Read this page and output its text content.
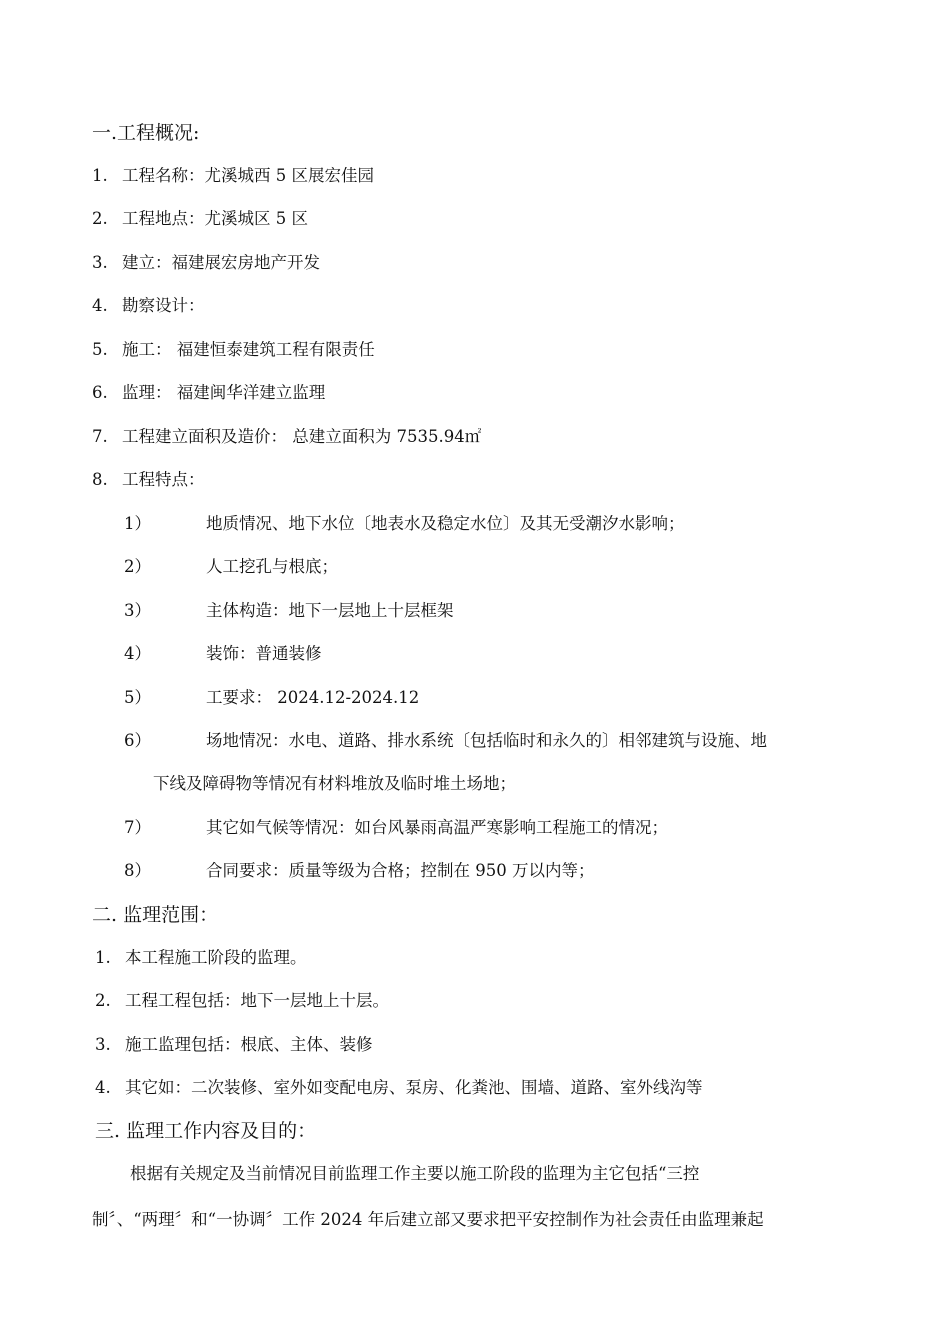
一.工程概况:
1. 工程名称：尤溪城西 5 区展宏佳园
2. 工程地点：尤溪城区 5 区
3. 建立：福建展宏房地产开发
4. 勘察设计：
5. 施工： 福建恒泰建筑工程有限责任
6. 监理： 福建闽华洋建立监理
7. 工程建立面积及造价： 总建立面积为 7535.94㎡
8. 工程特点：
1）	地质情况、地下水位〔地表水及稳定水位〕及其无受潮汐水影响；
2）	人工挖孔与根底；
3）	主体构造：地下一层地上十层框架
4）	装饰：普通装修
5）	工要求： 2024.12-2024.12
6）	场地情况：水电、道路、排水系统〔包括临时和永久的〕相邻建筑与设施、地
下线及障碍物等情况有材料堆放及临时堆土场地；
7）	其它如气候等情况：如台风暴雨高温严寒影响工程施工的情况；
8）	合同要求：质量等级为合格；控制在 950 万以内等；
二. 监理范围：
1. 本工程施工阶段的监理。
2. 工程工程包括：地下一层地上十层。
3. 施工监理包括：根底、主体、装修
4. 其它如：二次装修、室外如变配电房、泵房、化粪池、围墙、道路、室外线沟等
三. 监理工作内容及目的：
根据有关规定及当前情况目前监理工作主要以施工阶段的监理为主它包括“三控
制〞、“两理〞和“一协调〞工作 2024 年后建立部又要求把平安控制作为社会责任由监理兼起
